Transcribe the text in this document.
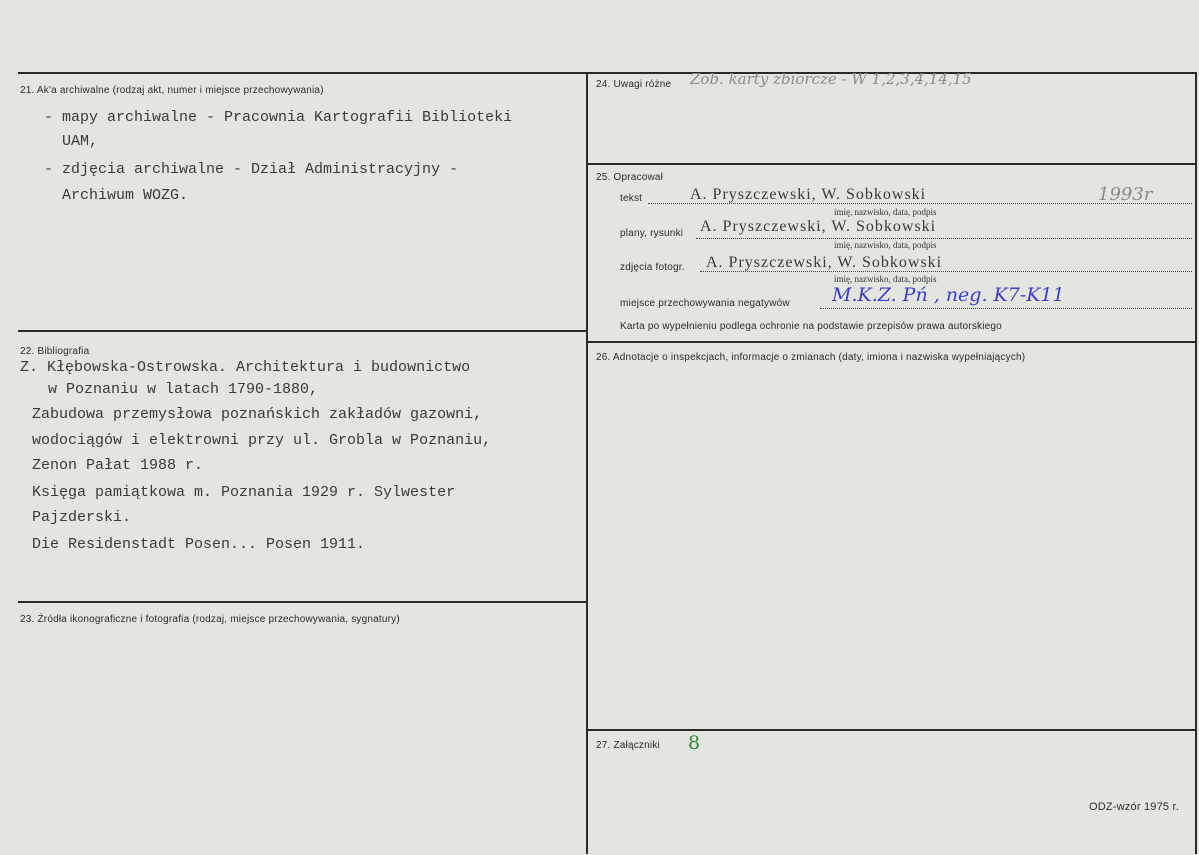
21. Ak'a archiwalne (rodzaj akt, numer i miejsce przechowywania)
- mapy archiwalne - Pracownia Kartografii Biblioteki
UAM,
- zdjęcia archiwalne - Dział Administracyjny -
Archiwum WOZG.
22. Bibliografia
Z. Kłębowska-Ostrowska. Architektura i budownictwo
w Poznaniu w latach 1790-1880,
Zabudowa przemysłowa poznańskich zakładów gazowni,
wodociągów i elektrowni przy ul. Grobla w Poznaniu,
Zenon Pałat 1988 r.
Księga pamiątkowa m. Poznania 1929 r. Sylwester
Pajzderski.
Die Residenstadt Posen... Posen 1911.
23. Źródła ikonograficzne i fotografia (rodzaj, miejsce przechowywania, sygnatury)
24. Uwagi różne Zob. karty zbiorcze - W 1,2,3,4,14,15
25. Opracował
tekst	A. Pryszczewski, W. Sobkowski	1993r
imię, nazwisko, data, podpis
plany, rysunki A. Pryszczewski, W. Sobkowski
imię, nazwisko, data, podpis
zdjęcia fotogr. A. Pryszczewski, W. Sobkowski
imię, nazwisko, data, podpis
miejsce przechowywania negatywów M.K.Z. Pń , neg. K7-K11
Karta po wypełnieniu podlega ochronie na podstawie przepisów prawa autorskiego
26. Adnotacje o inspekcjach, informacje o zmianach (daty, imiona i nazwiska wypełniających)
27. Załączniki 8
ODZ-wzór 1975 r.
